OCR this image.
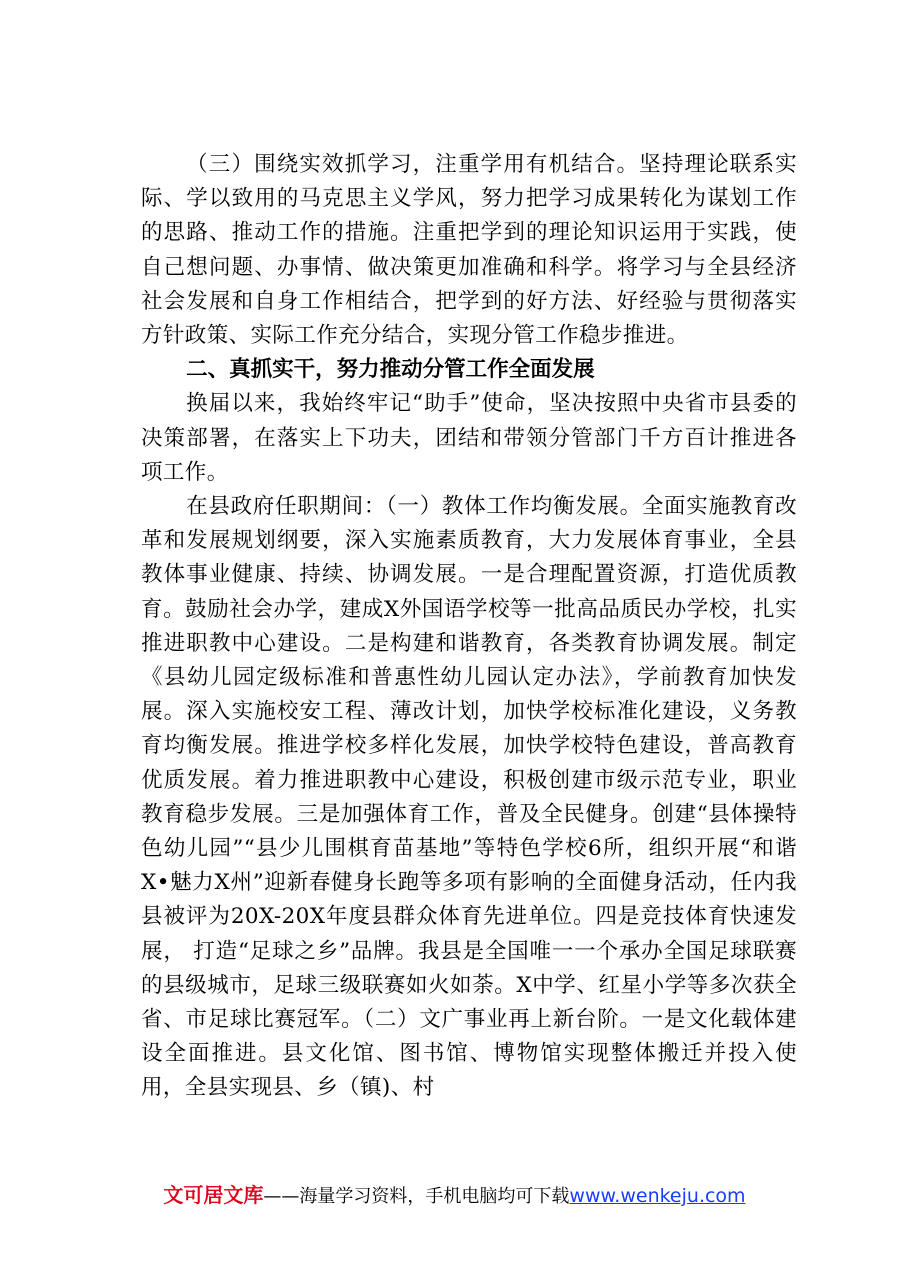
（三）围绕实效抓学习，注重学用有机结合。坚持理论联系实际、学以致用的马克思主义学风，努力把学习成果转化为谋划工作的思路、推动工作的措施。注重把学到的理论知识运用于实践，使自己想问题、办事情、做决策更加准确和科学。将学习与全县经济社会发展和自身工作相结合，把学到的好方法、好经验与贯彻落实方针政策、实际工作充分结合，实现分管工作稳步推进。

二、真抓实干，努力推动分管工作全面发展

换届以来，我始终牢记“助手”使命，坚决按照中央省市县委的决策部署，在落实上下功夫，团结和带领分管部门千方百计推进各项工作。

在县政府任职期间：（一）教体工作均衡发展。全面实施教育改革和发展规划纲要，深入实施素质教育，大力发展体育事业，全县教体事业健康、持续、协调发展。一是合理配置资源，打造优质教育。鼓励社会办学，建成X外国语学校等一批高品质民办学校，扎实推进职教中心建设。二是构建和谐教育，各类教育协调发展。制定《县幼儿园定级标准和普惠性幼儿园认定办法》，学前教育加快发展。深入实施校安工程、薄改计划，加快学校标准化建设，义务教育均衡发展。推进学校多样化发展，加快学校特色建设，普高教育优质发展。着力推进职教中心建设，积极创建市级示范专业，职业教育稳步发展。三是加强体育工作，普及全民健身。创建“县体操特色幼儿园”“县少儿围棋育苗基地”等特色学校6所，组织开展“和谐X•魅力X州”迎新春健身长跑等多项有影响的全面健身活动，任内我县被评为20X-20X年度县群众体育先进单位。四是竞技体育快速发展， 打造“足球之乡”品牌。我县是全国唯一一个承办全国足球联赛的县级城市，足球三级联赛如火如荼。X中学、红星小学等多次获全省、市足球比赛冠军。（二）文广事业再上新台阶。一是文化载体建设全面推进。县文化馆、图书馆、博物馆实现整体搬迁并投入使用，全县实现县、乡（镇)、村

文可居文库——海量学习资料，手机电脑均可下载www.wenkeju.com
